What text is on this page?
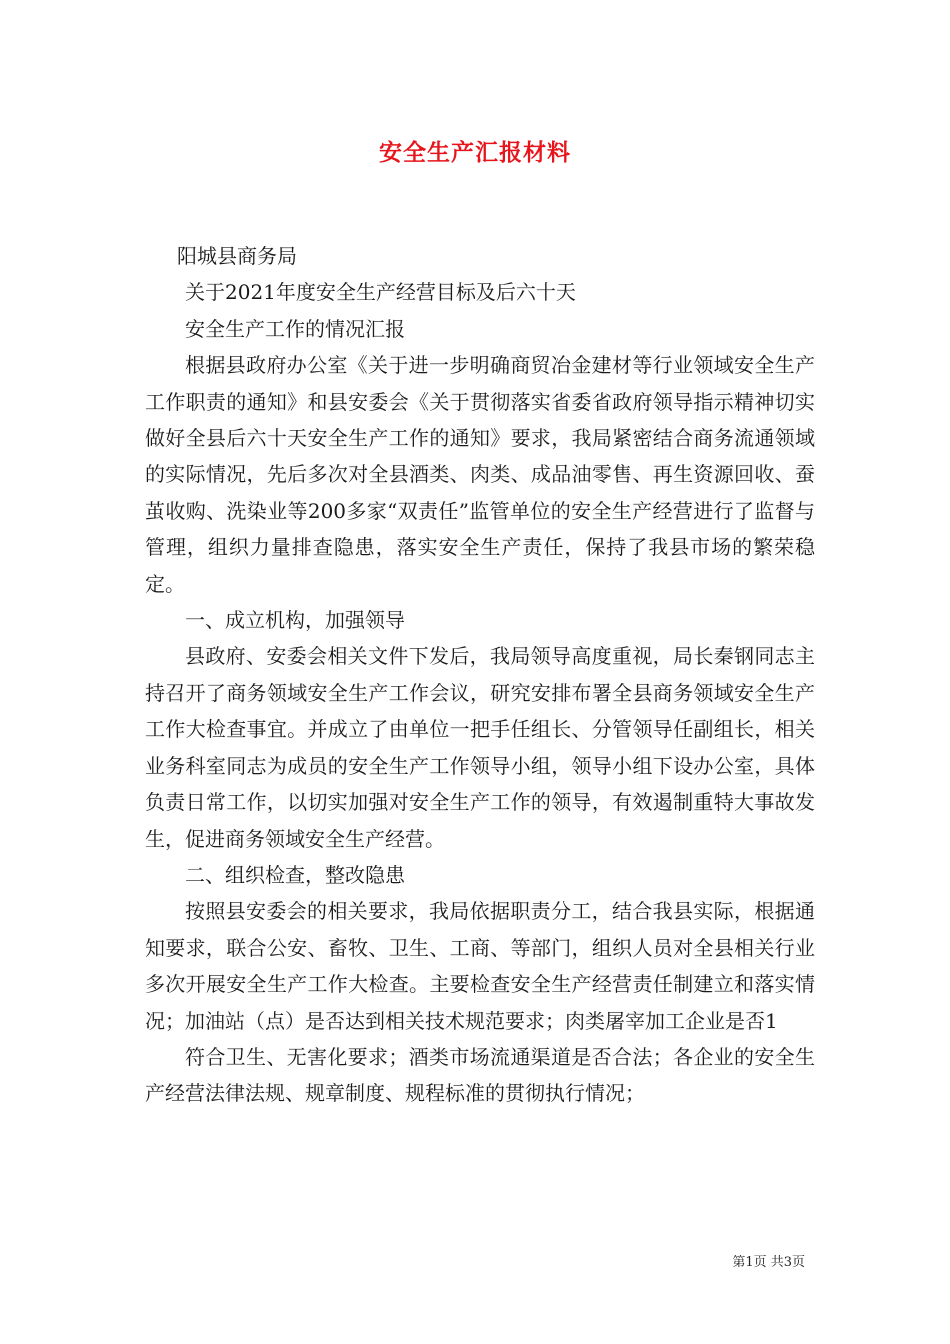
安全生产汇报材料

阳城县商务局

关于2021年度安全生产经营目标及后六十天

安全生产工作的情况汇报

根据县政府办公室《关于进一步明确商贸冶金建材等行业领域安全生产工作职责的通知》和县安委会《关于贯彻落实省委省政府领导指示精神切实做好全县后六十天安全生产工作的通知》要求，我局紧密结合商务流通领域的实际情况，先后多次对全县酒类、肉类、成品油零售、再生资源回收、蚕茧收购、洗染业等200多家“双责任”监管单位的安全生产经营进行了监督与管理，组织力量排查隐患，落实安全生产责任，保持了我县市场的繁荣稳定。

一、成立机构，加强领导

县政府、安委会相关文件下发后，我局领导高度重视，局长秦钢同志主持召开了商务领域安全生产工作会议，研究安排布署全县商务领域安全生产工作大检查事宜。并成立了由单位一把手任组长、分管领导任副组长，相关业务科室同志为成员的安全生产工作领导小组，领导小组下设办公室，具体负责日常工作，以切实加强对安全生产工作的领导，有效遏制重特大事故发生，促进商务领域安全生产经营。

二、组织检查，整改隐患

按照县安委会的相关要求，我局依据职责分工，结合我县实际，根据通知要求，联合公安、畜牧、卫生、工商、等部门，组织人员对全县相关行业多次开展安全生产工作大检查。主要检查安全生产经营责任制建立和落实情况；加油站（点）是否达到相关技术规范要求；肉类屠宰加工企业是否1

符合卫生、无害化要求；酒类市场流通渠道是否合法；各企业的安全生产经营法律法规、规章制度、规程标准的贯彻执行情况；

第1页 共3页
